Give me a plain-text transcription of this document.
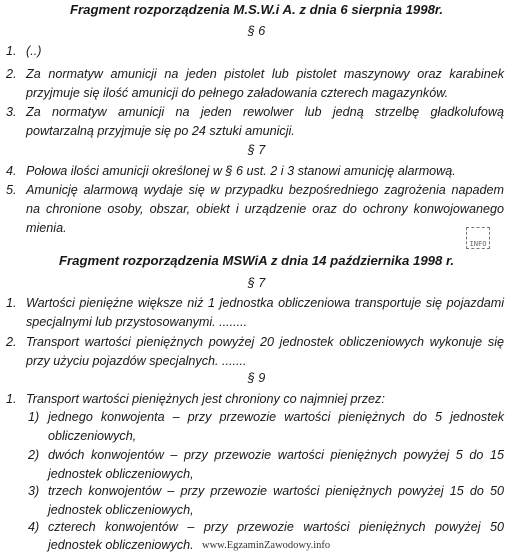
Fragment rozporządzenia M.S.W.i A. z dnia 6 sierpnia 1998r.
§ 6
1. (..)
2. Za normatyw amunicji na jeden pistolet lub pistolet maszynowy oraz karabinek
przyjmuje się ilość amunicji do pełnego załadowania czterech magazynków.
3. Za normatyw amunicji na jeden rewolwer lub jedną strzelbę gładkolufową
powtarzalną przyjmuje się po 24 sztuki amunicji.
§ 7
4. Połowa ilości amunicji określonej w § 6 ust. 2 i 3 stanowi amunicję alarmową.
5. Amunicję alarmową wydaje się w przypadku bezpośredniego zagrożenia napadem
na chronione osoby, obszar, obiekt i urządzenie oraz do ochrony konwojowanego
mienia.
INFO
Fragment rozporządzenia MSWiA z dnia 14 października 1998 r.
§ 7
1. Wartości pieniężne większe niż 1 jednostka obliczeniowa transportuje się pojazdami
specjalnymi lub przystosowanymi. ........
2. Transport wartości pieniężnych powyżej 20 jednostek obliczeniowych wykonuje się
przy użyciu pojazdów specjalnych. .......
§ 9
1. Transport wartości pieniężnych jest chroniony co najmniej przez:
1) jednego konwojenta – przy przewozie wartości pieniężnych do 5 jednostek
obliczeniowych,
2) dwóch konwojentów – przy przewozie wartości pieniężnych powyżej 5 do 15
jednostek obliczeniowych,
3) trzech konwojentów – przy przewozie wartości pieniężnych powyżej 15 do 50
jednostek obliczeniowych,
4) czterech konwojentów – przy przewozie wartości pieniężnych powyżej 50
jednostek obliczeniowych. www.EgzaminZawodowy.info
